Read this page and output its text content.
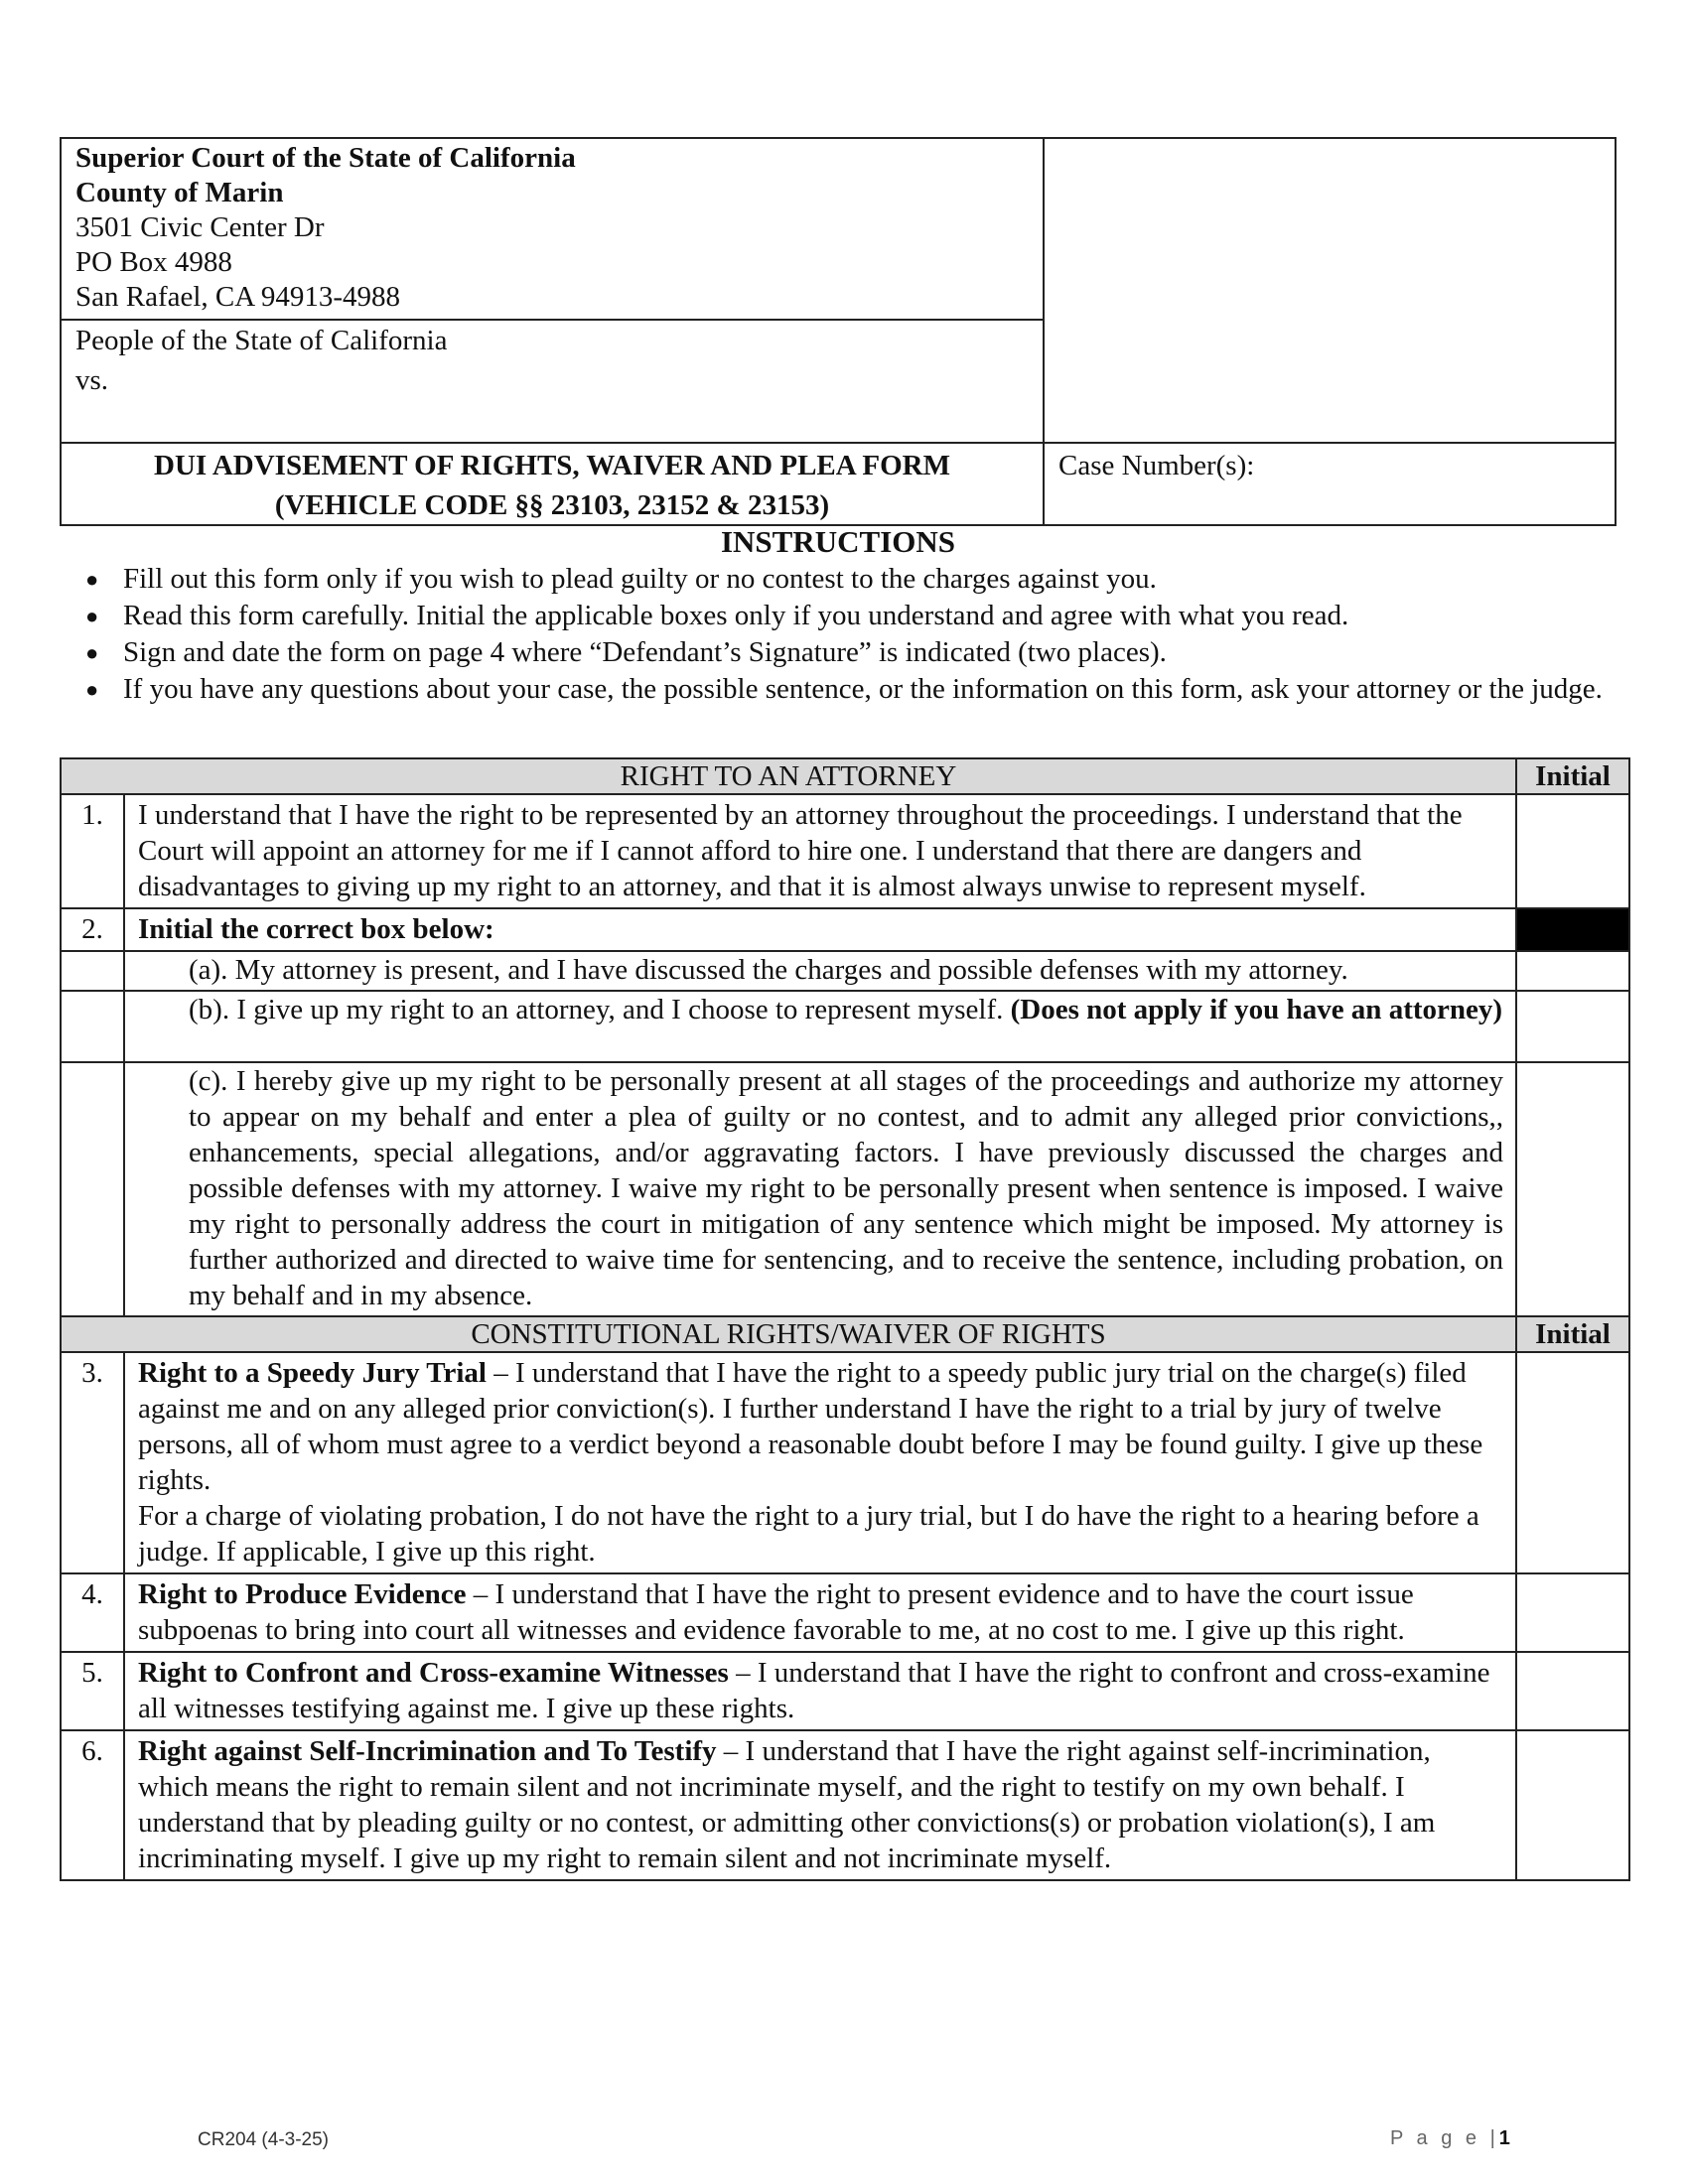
Superior Court of the State of California
County of Marin
3501 Civic Center Dr
PO Box 4988
San Rafael, CA 94913-4988
People of the State of California
vs.
DUI ADVISEMENT OF RIGHTS, WAIVER AND PLEA FORM
(VEHICLE CODE §§ 23103, 23152 & 23153)
Case Number(s):
INSTRUCTIONS
● Fill out this form only if you wish to plead guilty or no contest to the charges against you.
● Read this form carefully. Initial the applicable boxes only if you understand and agree with what you read.
● Sign and date the form on page 4 where “Defendant’s Signature” is indicated (two places).
● If you have any questions about your case, the possible sentence, or the information on this form, ask your attorney or the judge.
RIGHT TO AN ATTORNEY		Initial
1.	I understand that I have the right to be represented by an attorney throughout the proceedings. I understand that the Court will appoint an attorney for me if I cannot afford to hire one. I understand that there are dangers and disadvantages to giving up my right to an attorney, and that it is almost always unwise to represent myself.	
2.	Initial the correct box below:	
	(a). My attorney is present, and I have discussed the charges and possible defenses with my attorney.	
	(b). I give up my right to an attorney, and I choose to represent myself. (Does not apply if you have an attorney)	
	(c). I hereby give up my right to be personally present at all stages of the proceedings and authorize my attorney to appear on my behalf and enter a plea of guilty or no contest, and to admit any alleged prior convictions,, enhancements, special allegations, and/or aggravating factors. I have previously discussed the charges and possible defenses with my attorney. I waive my right to be personally present when sentence is imposed. I waive my right to personally address the court in mitigation of any sentence which might be imposed. My attorney is further authorized and directed to waive time for sentencing, and to receive the sentence, including probation, on my behalf and in my absence.	
CONSTITUTIONAL RIGHTS/WAIVER OF RIGHTS		Initial
3.	Right to a Speedy Jury Trial – I understand that I have the right to a speedy public jury trial on the charge(s) filed against me and on any alleged prior conviction(s). I further understand I have the right to a trial by jury of twelve persons, all of whom must agree to a verdict beyond a reasonable doubt before I may be found guilty. I give up these rights.
For a charge of violating probation, I do not have the right to a jury trial, but I do have the right to a hearing before a judge. If applicable, I give up this right.	

4.	Right to Produce Evidence – I understand that I have the right to present evidence and to have the court issue subpoenas to bring into court all witnesses and evidence favorable to me, at no cost to me. I give up this right.	
5.	Right to Confront and Cross-examine Witnesses – I understand that I have the right to confront and cross-examine all witnesses testifying against me. I give up these rights.	
6.	Right against Self-Incrimination and To Testify – I understand that I have the right against self-incrimination, which means the right to remain silent and not incriminate myself, and the right to testify on my own behalf. I understand that by pleading guilty or no contest, or admitting other convictions(s) or probation violation(s), I am incriminating myself. I give up my right to remain silent and not incriminate myself.	
CR204 (4-3-25)	P a g e |1
